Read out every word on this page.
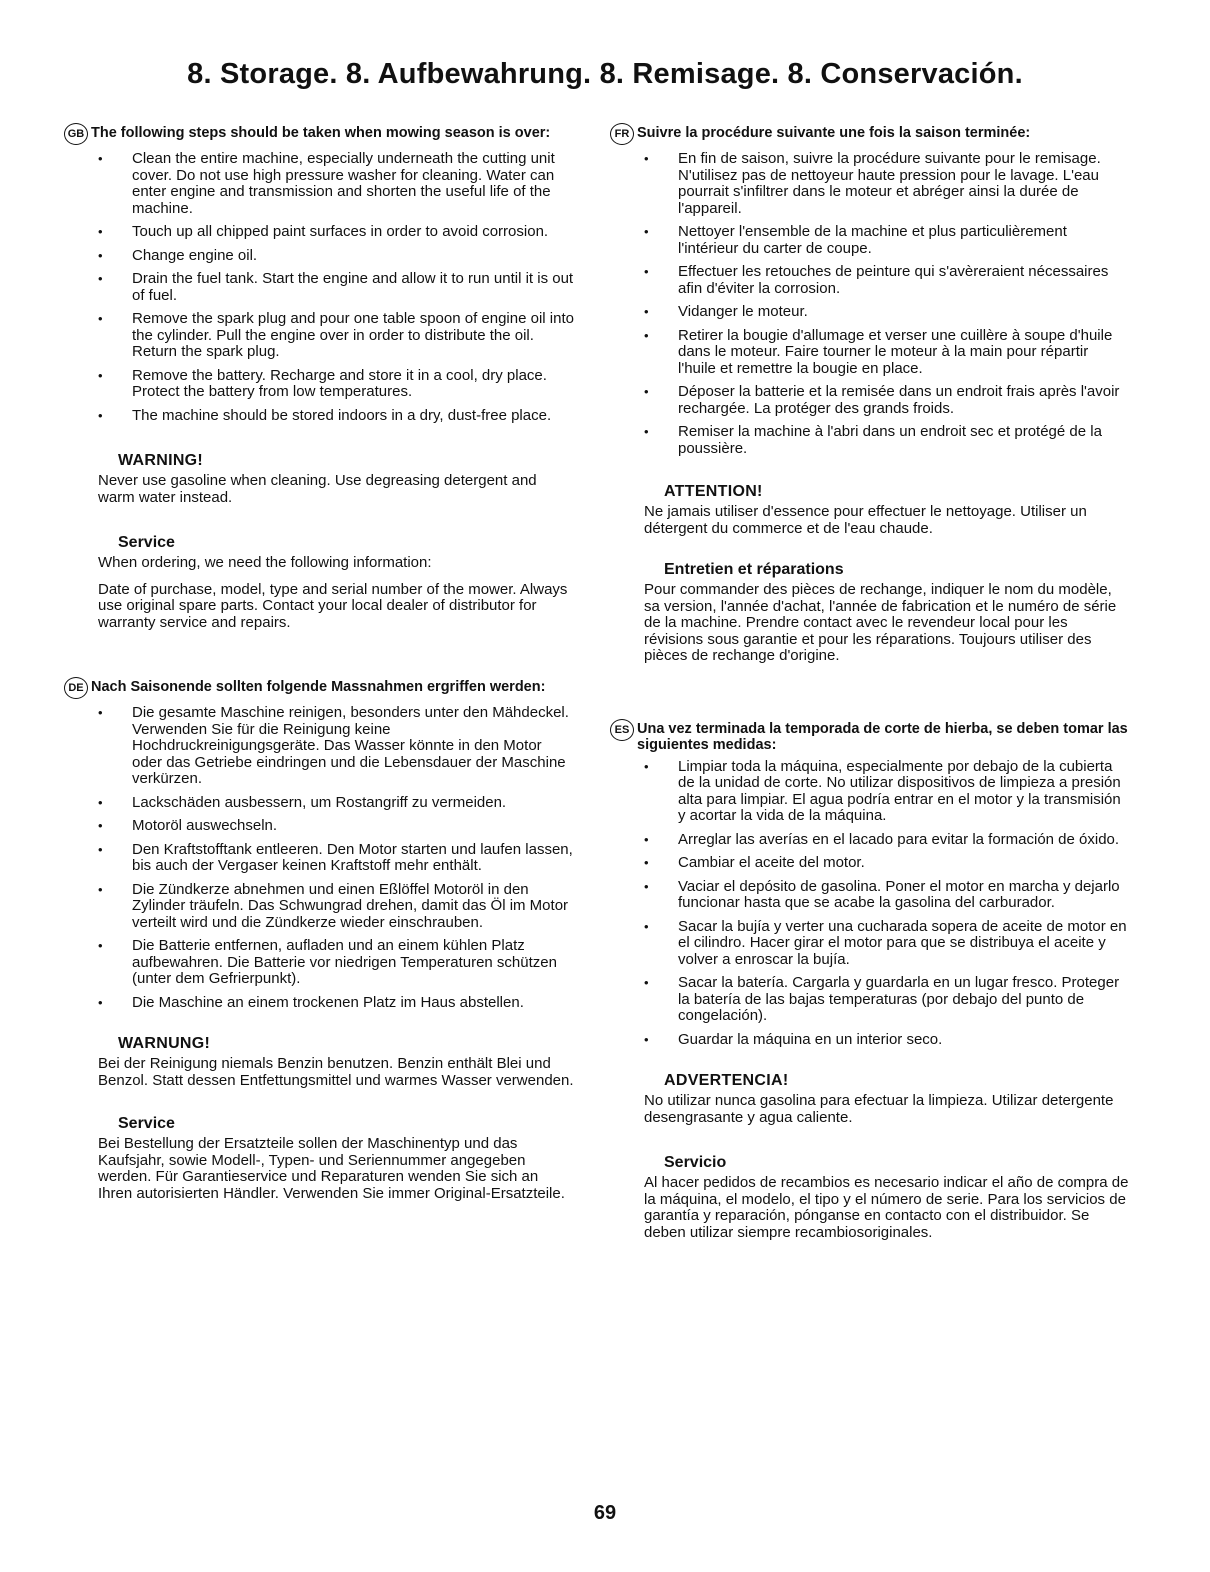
8. Storage. 8. Aufbewahrung. 8. Remisage. 8. Conservación.
GB The following steps should be taken when mowing season is over:
• Clean the entire machine, especially underneath the cutting unit cover. Do not use high pressure washer for cleaning. Water can enter engine and transmission and shorten the useful life of the machine.
• Touch up all chipped paint surfaces in order to avoid corrosion.
• Change engine oil.
• Drain the fuel tank. Start the engine and allow it to run until it is out of fuel.
• Remove the spark plug and pour one table spoon of engine oil into the cylinder. Pull the engine over in order to distribute the oil. Return the spark plug.
• Remove the battery. Recharge and store it in a cool, dry place. Protect the battery from low temperatures.
• The machine should be stored indoors in a dry, dust-free place.
WARNING!
Never use gasoline when cleaning. Use degreasing detergent and warm water instead.
Service
When ordering, we need the following information:
Date of purchase, model, type and serial number of the mower. Always use original spare parts. Contact your local dealer of distributor for warranty service and repairs.
DE Nach Saisonende sollten folgende Massnahmen ergriffen werden:
• Die gesamte Maschine reinigen, besonders unter den Mähdeckel. Verwenden Sie für die Reinigung keine Hochdruckreinigungsgeräte. Das Wasser könnte in den Motor oder das Getriebe eindringen und die Lebensdauer der Maschine verkürzen.
• Lackschäden ausbessern, um Rostangriff zu vermeiden.
• Motoröl auswechseln.
• Den Kraftstofftank entleeren. Den Motor starten und laufen lassen, bis auch der Vergaser keinen Kraftstoff mehr enthält.
• Die Zündkerze abnehmen und einen Eßlöffel Motoröl in den Zylinder träufeln. Das Schwungrad drehen, damit das Öl im Motor verteilt wird und die Zündkerze wieder einschrauben.
• Die Batterie entfernen, aufladen und an einem kühlen Platz aufbewahren. Die Batterie vor niedrigen Temperaturen schützen (unter dem Gefrierpunkt).
• Die Maschine an einem trockenen Platz im Haus abstellen.
WARNUNG!
Bei der Reinigung niemals Benzin benutzen. Benzin enthält Blei und Benzol. Statt dessen Entfettungsmittel und warmes Wasser verwenden.
Service
Bei Bestellung der Ersatzteile sollen der Maschinentyp und das Kaufsjahr, sowie Modell-, Typen- und Seriennummer angegeben werden. Für Garantieservice und Reparaturen wenden Sie sich an Ihren autorisierten Händler. Verwenden Sie immer Original-Ersatzteile.
FR Suivre la procédure suivante une fois la saison terminée:
• En fin de saison, suivre la procédure suivante pour le remisage. N'utilisez pas de nettoyeur haute pression pour le lavage. L'eau pourrait s'infiltrer dans le moteur et abréger ainsi la durée de l'appareil.
• Nettoyer l'ensemble de la machine et plus particulièrement l'intérieur du carter de coupe.
• Effectuer les retouches de peinture qui s'avèreraient nécessaires afin d'éviter la corrosion.
• Vidanger le moteur.
• Retirer la bougie d'allumage et verser une cuillère à soupe d'huile dans le moteur. Faire tourner le moteur à la main pour répartir l'huile et remettre la bougie en place.
• Déposer la batterie et la remisée dans un endroit frais après l'avoir rechargée. La protéger des grands froids.
• Remiser la machine à l'abri dans un endroit sec et protégé de la poussière.
ATTENTION!
Ne jamais utiliser d'essence pour effectuer le nettoyage. Utiliser un détergent du commerce et de l'eau chaude.
Entretien et réparations
Pour commander des pièces de rechange, indiquer le nom du modèle, sa version, l'année d'achat, l'année de fabrication et le numéro de série de la machine. Prendre contact avec le revendeur local pour les révisions sous garantie et pour les réparations. Toujours utiliser des pièces de rechange d'origine.
ES Una vez terminada la temporada de corte de hierba, se deben tomar las siguientes medidas:
• Limpiar toda la máquina, especialmente por debajo de la cubierta de la unidad de corte. No utilizar dispositivos de limpieza a presión alta para limpiar. El agua podría entrar en el motor y la transmisión y acortar la vida de la máquina.
• Arreglar las averías en el lacado para evitar la formación de óxido.
• Cambiar el aceite del motor.
• Vaciar el depósito de gasolina. Poner el motor en marcha y dejarlo funcionar hasta que se acabe la gasolina del carburador.
• Sacar la bujía y verter una cucharada sopera de aceite de motor en el cilindro. Hacer girar el motor para que se distribuya el aceite y volver a enroscar la bujía.
• Sacar la batería. Cargarla y guardarla en un lugar fresco. Proteger la batería de las bajas temperaturas (por debajo del punto de congelación).
• Guardar la máquina en un interior seco.
ADVERTENCIA!
No utilizar nunca gasolina para efectuar la limpieza. Utilizar detergente desengrasante y agua caliente.
Servicio
Al hacer pedidos de recambios es necesario indicar el año de compra de la máquina, el modelo, el tipo y el número de serie. Para los servicios de garantía y reparación, pónganse en contacto con el distribuidor. Se deben utilizar siempre recambiosoriginales.
69
